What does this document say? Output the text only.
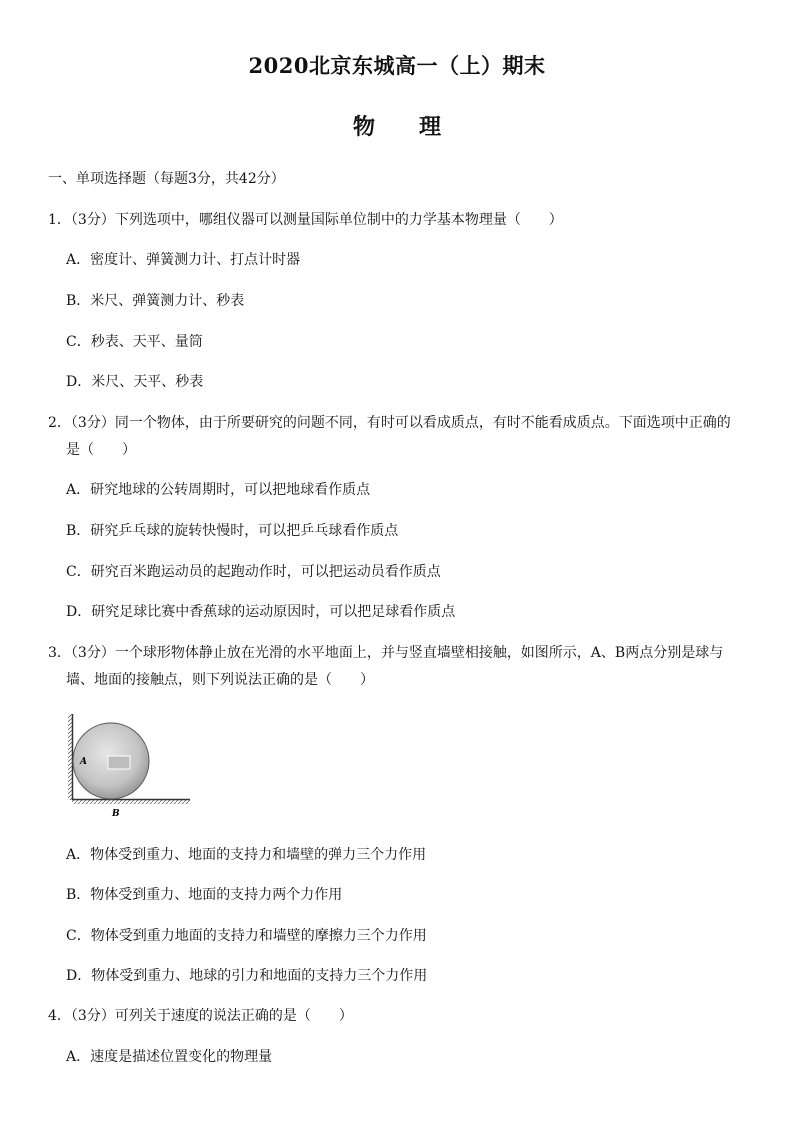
2020北京东城高一（上）期末
物　　理
一、单项选择题（每题3分，共42分）
1．（3分）下列选项中，哪组仪器可以测量国际单位制中的力学基本物理量（　　）
A．密度计、弹簧测力计、打点计时器
B．米尺、弹簧测力计、秒表
C．秒表、天平、量筒
D．米尺、天平、秒表
2．（3分）同一个物体，由于所要研究的问题不同，有时可以看成质点，有时不能看成质点。下面选项中正确的
是（　　）
A．研究地球的公转周期时，可以把地球看作质点
B．研究乒乓球的旋转快慢时，可以把乒乓球看作质点
C．研究百米跑运动员的起跑动作时，可以把运动员看作质点
D．研究足球比赛中香蕉球的运动原因时，可以把足球看作质点
3．（3分）一个球形物体静止放在光滑的水平地面上，并与竖直墙壁相接触，如图所示，A、B两点分别是球与
墙、地面的接触点，则下列说法正确的是（　　）
A
B
A．物体受到重力、地面的支持力和墙壁的弹力三个力作用
B．物体受到重力、地面的支持力两个力作用
C．物体受到重力地面的支持力和墙壁的摩擦力三个力作用
D．物体受到重力、地球的引力和地面的支持力三个力作用
4．（3分）可列关于速度的说法正确的是（　　）
A．速度是描述位置变化的物理量
